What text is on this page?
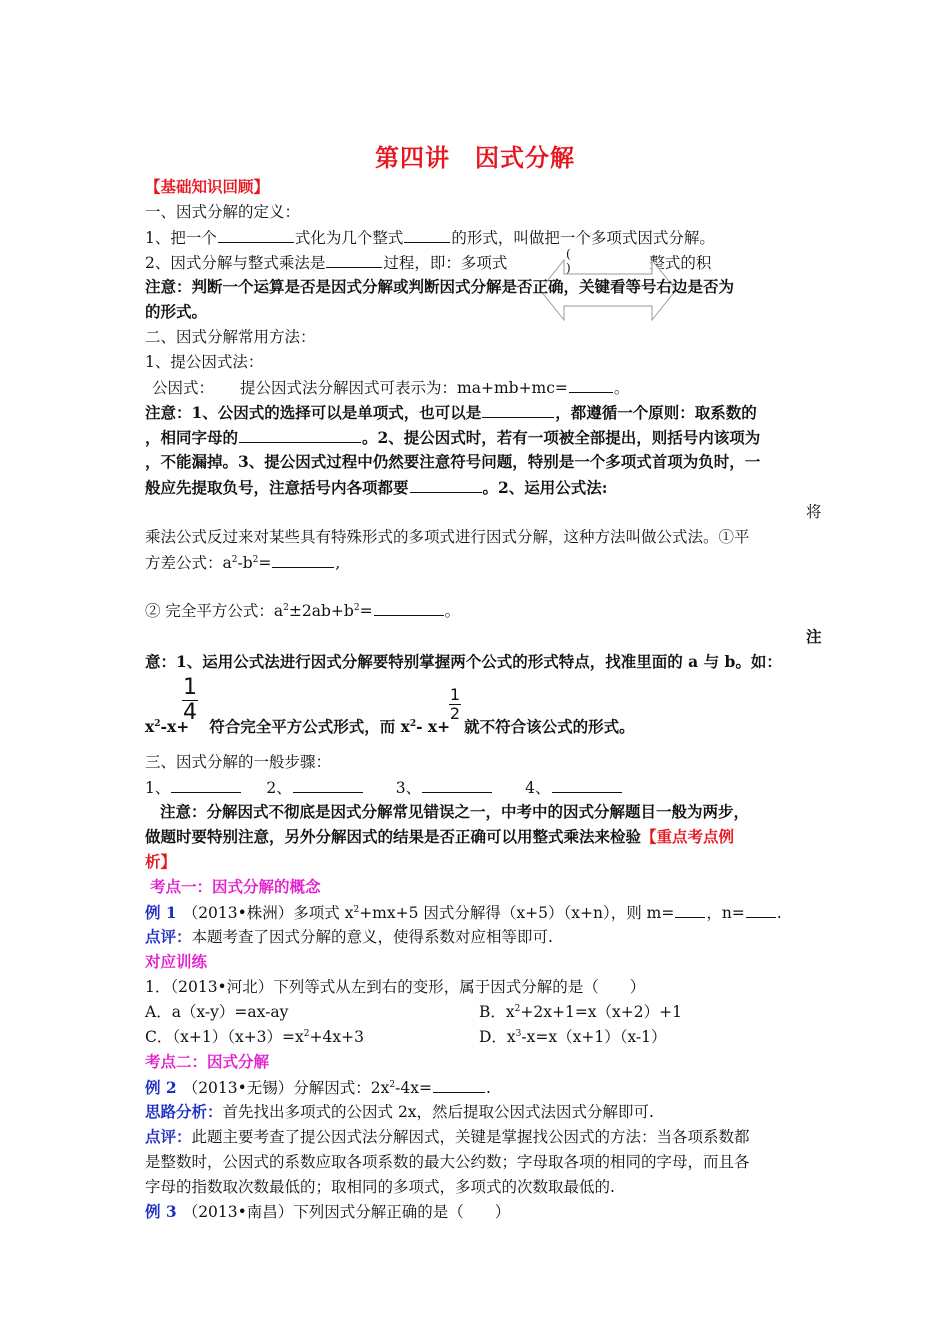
第四讲　因式分解
【基础知识回顾】
一、因式分解的定义：
1、把一个	式化为几个整式	的形式，叫做把一个多项式因式分解。
2、因式分解与整式乘法是	过程，即：多项式	整式的积
(
)
注意：判断一个运算是否是因式分解或判断因式分解是否正确，关键看等号右边是否为
的形式。
二、因式分解常用方法：
1、提公因式法：
公因式： 提公因式法分解因式可表示为：ma+mb+mc=	。
注意：1、公因式的选择可以是单项式，也可以是	，都遵循一个原则：取系数的
，相同字母的	。2、提公因式时，若有一项被全部提出，则括号内该项为
，不能漏掉。3、提公因式过程中仍然要注意符号问题，特别是一个多项式首项为负时，一
般应先提取负号，注意括号内各项都要	。2、运用公式法:
将
乘法公式反过来对某些具有特殊形式的多项式进行因式分解，这种方法叫做公式法。①平
方差公式：$a^2-b^2=$	,
② 完全平方公式：$a^2\pm 2ab+b^2=$	。
注
意：1、运用公式法进行因式分解要特别掌握两个公式的形式特点，找准里面的 a 与 b。如：
1
4
1
2
$x^2-x+$ 符合完全平方公式形式，而 $x^2-$ x+ 就不符合该公式的形式。
三、因式分解的一般步骤：
1、	2、	3、	4、
注意：分解因式不彻底是因式分解常见错误之一，中考中的因式分解题目一般为两步，
做题时要特别注意，另外分解因式的结果是否正确可以用整式乘法来检验【重点考点例
析】
考点一：因式分解的概念
例 1 （2013•株洲）多项式 $x^2+mx+5$ 因式分解得（x+5）（x+n），则 m= ，n= .
点评：本题考查了因式分解的意义，使得系数对应相等即可.
对应训练
1．（2013•河北）下列等式从左到右的变形，属于因式分解的是（　　）
A．a（x-y）=ax-ay	B．$x^2+2x+1=x(x+2)+1$
C．$(x+1)(x+3)=x^2+4x+3$	D．$x^3-x=x(x+1)(x-1)$
考点二：因式分解
例 2 （2013•无锡）分解因式：$2x^2-4x=$	.
思路分析：首先找出多项式的公因式 2x，然后提取公因式法因式分解即可.
点评：此题主要考查了提公因式法分解因式，关键是掌握找公因式的方法：当各项系数都
是整数时，公因式的系数应取各项系数的最大公约数；字母取各项的相同的字母，而且各
字母的指数取次数最低的；取相同的多项式，多项式的次数取最低的.
例 3 （2013•南昌）下列因式分解正确的是（　　）
